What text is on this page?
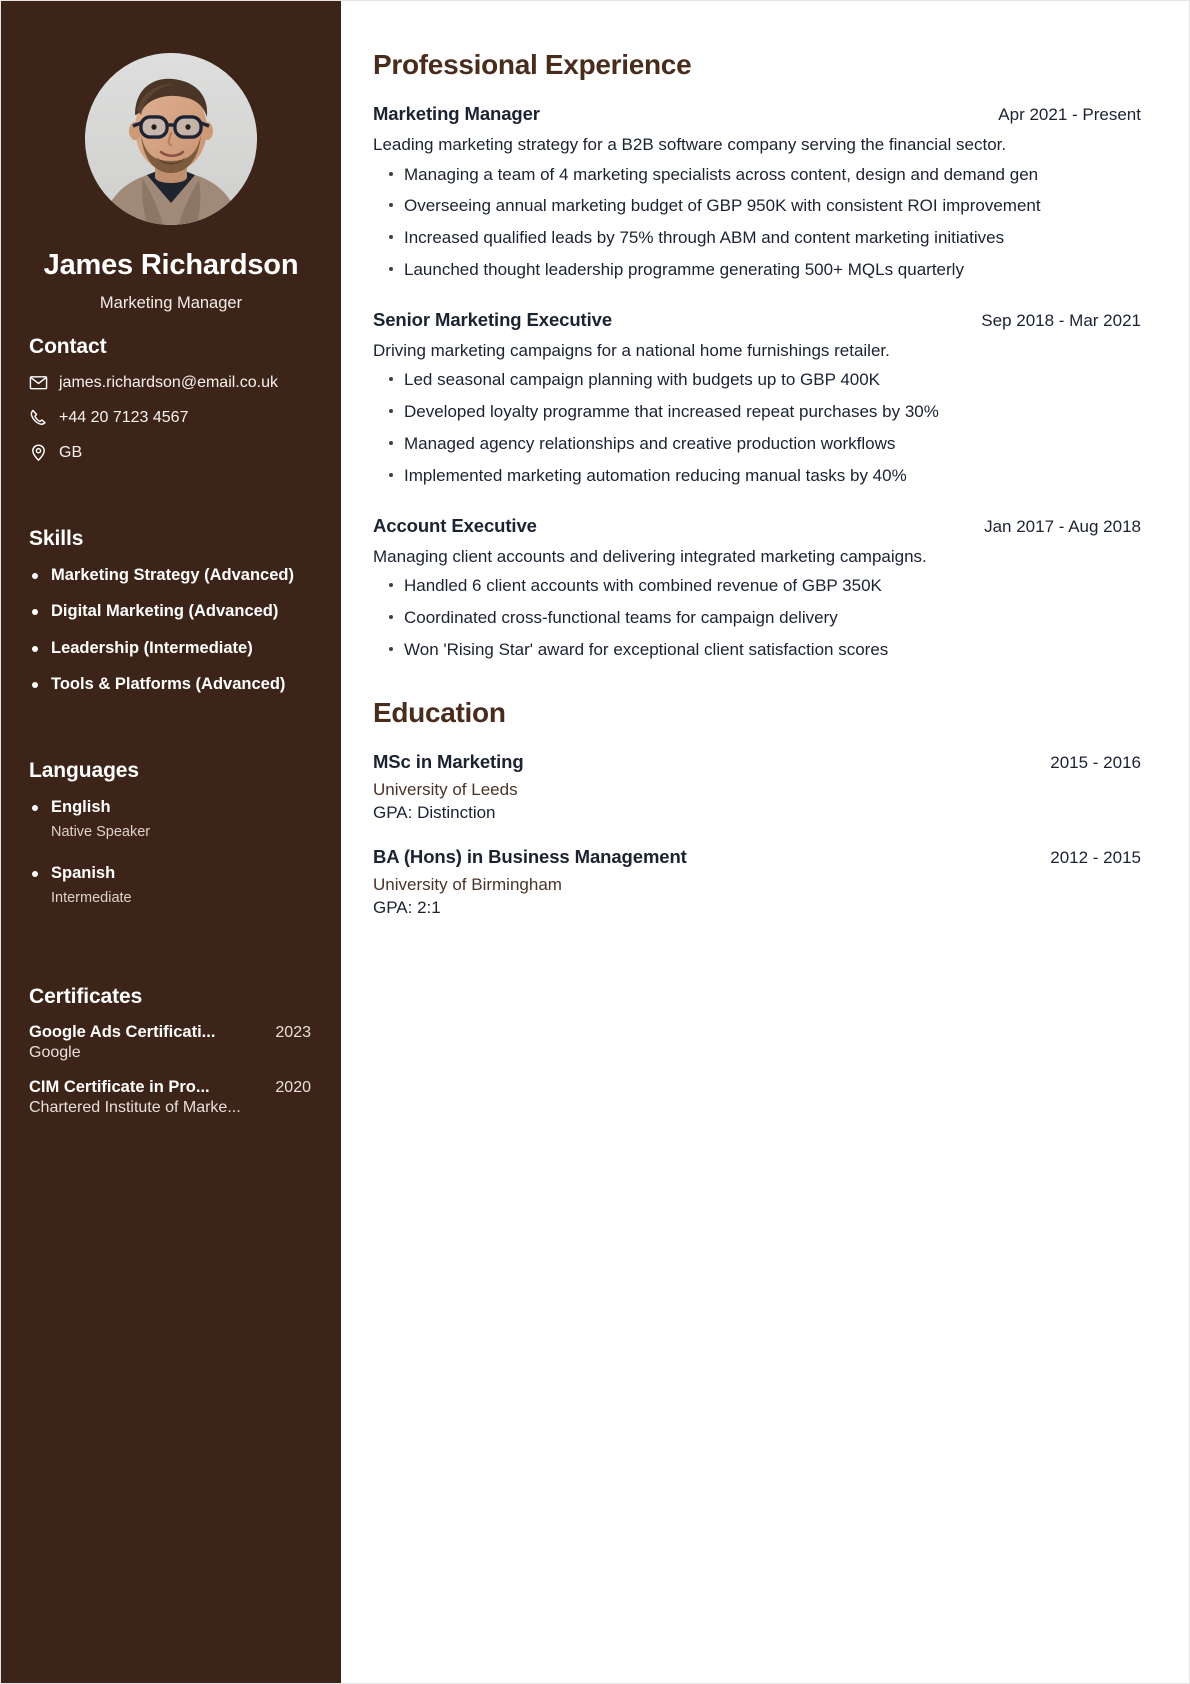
James Richardson
Marketing Manager
Contact
james.richardson@email.co.uk
+44 20 7123 4567
GB
Skills
Marketing Strategy (Advanced)
Digital Marketing (Advanced)
Leadership (Intermediate)
Tools & Platforms (Advanced)
Languages
English
Native Speaker
Spanish
Intermediate
Certificates
Google Ads Certificati...	2023
Google
CIM Certificate in Pro...	2020
Chartered Institute of Marke...
Professional Experience
Marketing Manager	Apr 2021 - Present
Leading marketing strategy for a B2B software company serving the financial sector.
Managing a team of 4 marketing specialists across content, design and demand gen
Overseeing annual marketing budget of GBP 950K with consistent ROI improvement
Increased qualified leads by 75% through ABM and content marketing initiatives
Launched thought leadership programme generating 500+ MQLs quarterly
Senior Marketing Executive	Sep 2018 - Mar 2021
Driving marketing campaigns for a national home furnishings retailer.
Led seasonal campaign planning with budgets up to GBP 400K
Developed loyalty programme that increased repeat purchases by 30%
Managed agency relationships and creative production workflows
Implemented marketing automation reducing manual tasks by 40%
Account Executive	Jan 2017 - Aug 2018
Managing client accounts and delivering integrated marketing campaigns.
Handled 6 client accounts with combined revenue of GBP 350K
Coordinated cross-functional teams for campaign delivery
Won 'Rising Star' award for exceptional client satisfaction scores
Education
MSc in Marketing	2015 - 2016
University of Leeds
GPA: Distinction
BA (Hons) in Business Management	2012 - 2015
University of Birmingham
GPA: 2:1
